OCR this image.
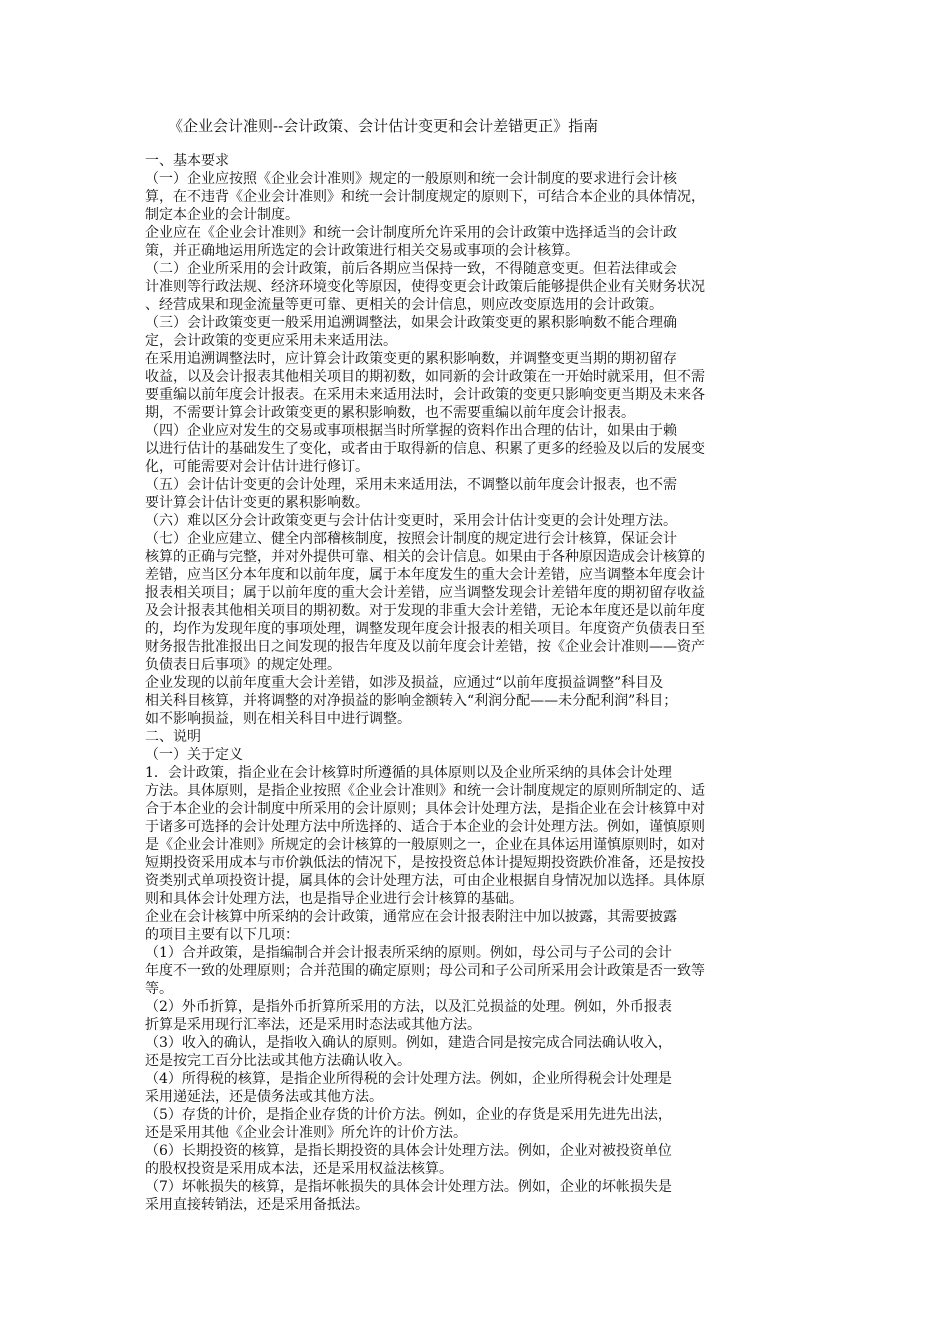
《企业会计准则--会计政策、会计估计变更和会计差错更正》指南
一、基本要求
（一）企业应按照《企业会计准则》规定的一般原则和统一会计制度的要求进行会计核
算，在不违背《企业会计准则》和统一会计制度规定的原则下，可结合本企业的具体情况，
制定本企业的会计制度。
企业应在《企业会计准则》和统一会计制度所允许采用的会计政策中选择适当的会计政
策，并正确地运用所选定的会计政策进行相关交易或事项的会计核算。
（二）企业所采用的会计政策，前后各期应当保持一致，不得随意变更。但若法律或会
计准则等行政法规、经济环境变化等原因，使得变更会计政策后能够提供企业有关财务状况
、经营成果和现金流量等更可靠、更相关的会计信息，则应改变原选用的会计政策。
（三）会计政策变更一般采用追溯调整法，如果会计政策变更的累积影响数不能合理确
定，会计政策的变更应采用未来适用法。
在采用追溯调整法时，应计算会计政策变更的累积影响数，并调整变更当期的期初留存
收益，以及会计报表其他相关项目的期初数，如同新的会计政策在一开始时就采用，但不需
要重编以前年度会计报表。在采用未来适用法时，会计政策的变更只影响变更当期及未来各
期，不需要计算会计政策变更的累积影响数，也不需要重编以前年度会计报表。
（四）企业应对发生的交易或事项根据当时所掌握的资料作出合理的估计，如果由于赖
以进行估计的基础发生了变化，或者由于取得新的信息、积累了更多的经验及以后的发展变
化，可能需要对会计估计进行修订。
（五）会计估计变更的会计处理，采用未来适用法，不调整以前年度会计报表，也不需
要计算会计估计变更的累积影响数。
（六）难以区分会计政策变更与会计估计变更时，采用会计估计变更的会计处理方法。
（七）企业应建立、健全内部稽核制度，按照会计制度的规定进行会计核算，保证会计
核算的正确与完整，并对外提供可靠、相关的会计信息。如果由于各种原因造成会计核算的
差错，应当区分本年度和以前年度，属于本年度发生的重大会计差错，应当调整本年度会计
报表相关项目；属于以前年度的重大会计差错，应当调整发现会计差错年度的期初留存收益
及会计报表其他相关项目的期初数。对于发现的非重大会计差错，无论本年度还是以前年度
的，均作为发现年度的事项处理，调整发现年度会计报表的相关项目。年度资产负债表日至
财务报告批准报出日之间发现的报告年度及以前年度会计差错，按《企业会计准则——资产
负债表日后事项》的规定处理。
企业发现的以前年度重大会计差错，如涉及损益，应通过“以前年度损益调整”科目及
相关科目核算，并将调整的对净损益的影响金额转入“利润分配——未分配利润”科目；
如不影响损益，则在相关科目中进行调整。
二、说明
（一）关于定义
1．会计政策，指企业在会计核算时所遵循的具体原则以及企业所采纳的具体会计处理
方法。具体原则，是指企业按照《企业会计准则》和统一会计制度规定的原则所制定的、适
合于本企业的会计制度中所采用的会计原则；具体会计处理方法，是指企业在会计核算中对
于诸多可选择的会计处理方法中所选择的、适合于本企业的会计处理方法。例如，谨慎原则
是《企业会计准则》所规定的会计核算的一般原则之一，企业在具体运用谨慎原则时，如对
短期投资采用成本与市价孰低法的情况下，是按投资总体计提短期投资跌价准备，还是按投
资类别式单项投资计提，属具体的会计处理方法，可由企业根据自身情况加以选择。具体原
则和具体会计处理方法，也是指导企业进行会计核算的基础。
企业在会计核算中所采纳的会计政策，通常应在会计报表附注中加以披露，其需要披露
的项目主要有以下几项：
（1）合并政策，是指编制合并会计报表所采纳的原则。例如，母公司与子公司的会计
年度不一致的处理原则；合并范围的确定原则；母公司和子公司所采用会计政策是否一致等
等。
（2）外币折算，是指外币折算所采用的方法，以及汇兑损益的处理。例如，外币报表
折算是采用现行汇率法，还是采用时态法或其他方法。
（3）收入的确认，是指收入确认的原则。例如，建造合同是按完成合同法确认收入，
还是按完工百分比法或其他方法确认收入。
（4）所得税的核算，是指企业所得税的会计处理方法。例如，企业所得税会计处理是
采用递延法，还是债务法或其他方法。
（5）存货的计价，是指企业存货的计价方法。例如，企业的存货是采用先进先出法，
还是采用其他《企业会计准则》所允许的计价方法。
（6）长期投资的核算，是指长期投资的具体会计处理方法。例如，企业对被投资单位
的股权投资是采用成本法，还是采用权益法核算。
（7）坏帐损失的核算，是指坏帐损失的具体会计处理方法。例如，企业的坏帐损失是
采用直接转销法，还是采用备抵法。
